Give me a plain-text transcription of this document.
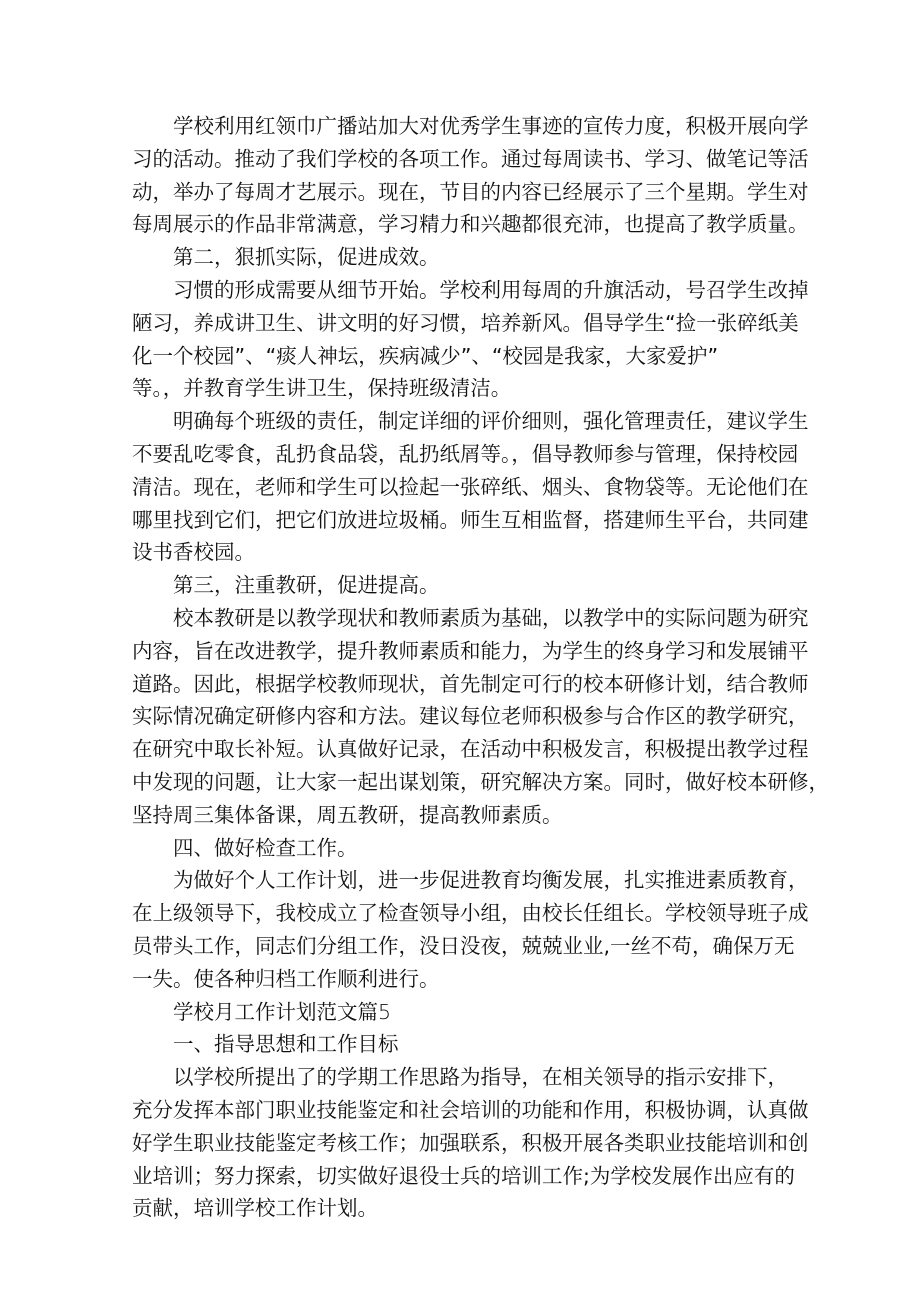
学校利用红领巾广播站加大对优秀学生事迹的宣传力度，积极开展向学
习的活动。推动了我们学校的各项工作。通过每周读书、学习、做笔记等活
动，举办了每周才艺展示。现在，节目的内容已经展示了三个星期。学生对
每周展示的作品非常满意，学习精力和兴趣都很充沛，也提高了教学质量。
第二，狠抓实际，促进成效。
习惯的形成需要从细节开始。学校利用每周的升旗活动，号召学生改掉
陋习，养成讲卫生、讲文明的好习惯，培养新风。倡导学生“捡一张碎纸美
化一个校园”、“痰人神坛，疾病减少”、“校园是我家，大家爱护”
等。，并教育学生讲卫生，保持班级清洁。
明确每个班级的责任，制定详细的评价细则，强化管理责任，建议学生
不要乱吃零食，乱扔食品袋，乱扔纸屑等。，倡导教师参与管理，保持校园
清洁。现在，老师和学生可以捡起一张碎纸、烟头、食物袋等。无论他们在
哪里找到它们，把它们放进垃圾桶。师生互相监督，搭建师生平台，共同建
设书香校园。
第三，注重教研，促进提高。
校本教研是以教学现状和教师素质为基础，以教学中的实际问题为研究
内容，旨在改进教学，提升教师素质和能力，为学生的终身学习和发展铺平
道路。因此，根据学校教师现状，首先制定可行的校本研修计划，结合教师
实际情况确定研修内容和方法。建议每位老师积极参与合作区的教学研究，
在研究中取长补短。认真做好记录，在活动中积极发言，积极提出教学过程
中发现的问题，让大家一起出谋划策，研究解决方案。同时，做好校本研修，
坚持周三集体备课，周五教研，提高教师素质。
四、做好检查工作。
为做好个人工作计划，进一步促进教育均衡发展，扎实推进素质教育，
在上级领导下，我校成立了检查领导小组，由校长任组长。学校领导班子成
员带头工作，同志们分组工作，没日没夜，兢兢业业,一丝不苟，确保万无
一失。使各种归档工作顺利进行。
学校月工作计划范文篇5
一、指导思想和工作目标
以学校所提出了的学期工作思路为指导，在相关领导的指示安排下，
充分发挥本部门职业技能鉴定和社会培训的功能和作用，积极协调，认真做
好学生职业技能鉴定考核工作；加强联系，积极开展各类职业技能培训和创
业培训；努力探索，切实做好退役士兵的培训工作;为学校发展作出应有的
贡献，培训学校工作计划。
